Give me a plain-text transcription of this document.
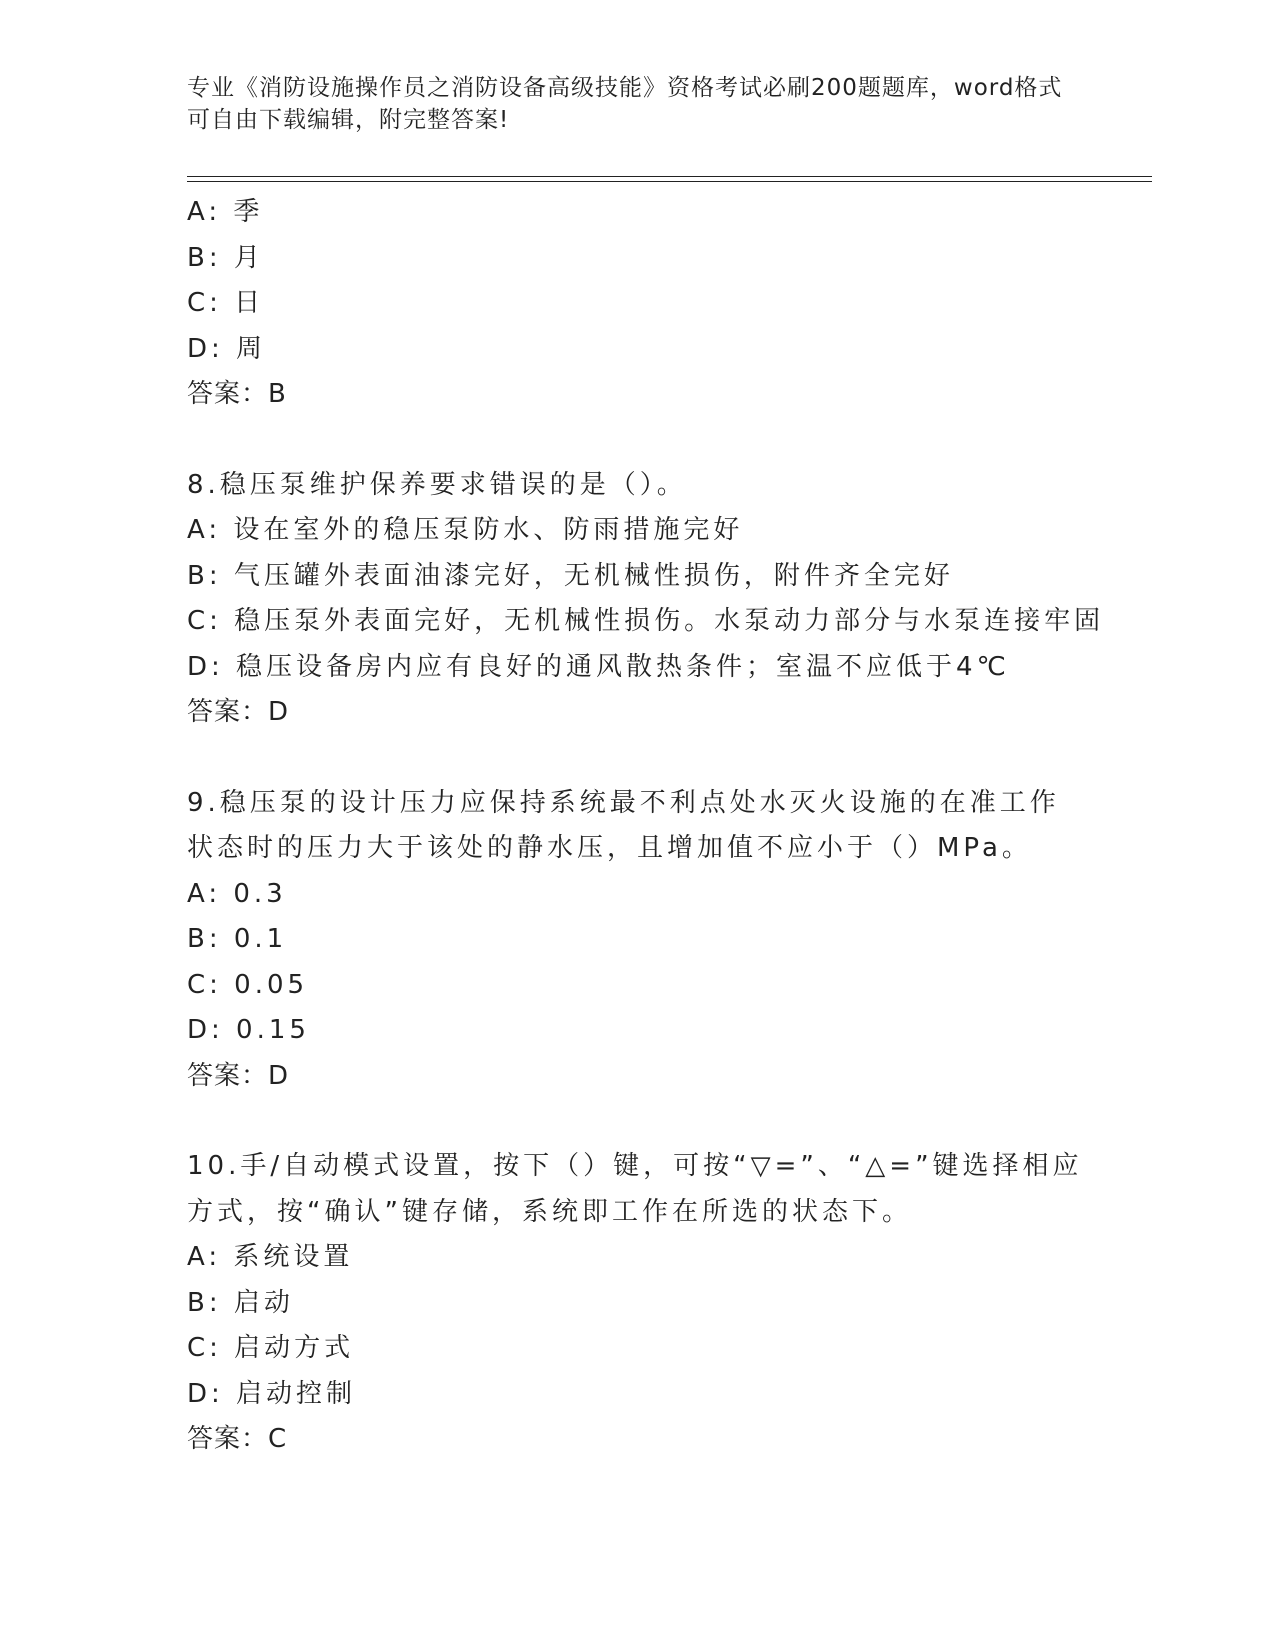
专业《消防设施操作员之消防设备高级技能》资格考试必刷200题题库，word格式可自由下载编辑，附完整答案!
A: 季
B: 月
C: 日
D: 周
答案：B
8.稳压泵维护保养要求错误的是（）。
A: 设在室外的稳压泵防水、防雨措施完好
B: 气压罐外表面油漆完好，无机械性损伤，附件齐全完好
C: 稳压泵外表面完好，无机械性损伤。水泵动力部分与水泵连接牢固
D: 稳压设备房内应有良好的通风散热条件；室温不应低于4℃
答案：D
9.稳压泵的设计压力应保持系统最不利点处水灭火设施的在准工作状态时的压力大于该处的静水压，且增加值不应小于（）MPa。
A: 0.3
B: 0.1
C: 0.05
D: 0.15
答案：D
10.手/自动模式设置，按下（）键，可按“▽=”、“△=”键选择相应方式，按“确认”键存储，系统即工作在所选的状态下。
A: 系统设置
B: 启动
C: 启动方式
D: 启动控制
答案：C
